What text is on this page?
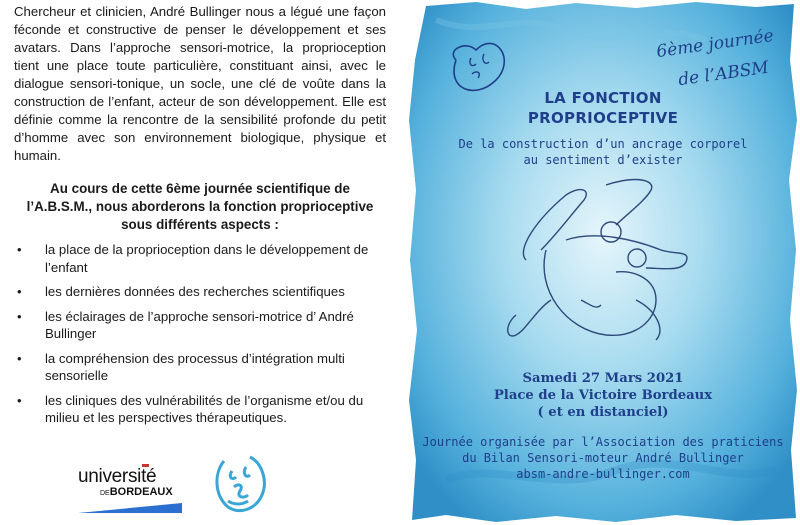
Chercheur et clinicien, André Bullinger nous a légué une façon féconde et constructive de penser le développement et ses avatars. Dans l’approche sensori-motrice, la proprioception tient une place toute particulière, constituant ainsi, avec le dialogue sensori-tonique, un socle, une clé de voûte dans la construction de l’enfant, acteur de son développement. Elle est définie comme la rencontre de la sensibilité profonde du petit d’homme avec son environnement biologique, physique et humain.

Au cours de cette 6ème journée scientifique de l’A.B.S.M., nous aborderons la fonction proprioceptive sous différents aspects :

• la place de la proprioception dans le développement de l’enfant
• les dernières données des recherches scientifiques
• les éclairages de l’approche sensori-motrice d’ André Bullinger
• la compréhension des processus d’intégration multi sensorielle
• les cliniques des vulnérabilités de l’organisme et/ou du milieu et les perspectives thérapeutiques.
université
DEBORDEAUX
6ème journée
de l’ABSM
LA FONCTION
PROPRIOCEPTIVE
De la construction d’un ancrage corporel
au sentiment d’exister
Samedi 27 Mars 2021
Place de la Victoire Bordeaux
( et en distanciel)
Journée organisée par l’Association des praticiens
du Bilan Sensori-moteur André Bullinger
absm-andre-bullinger.com
